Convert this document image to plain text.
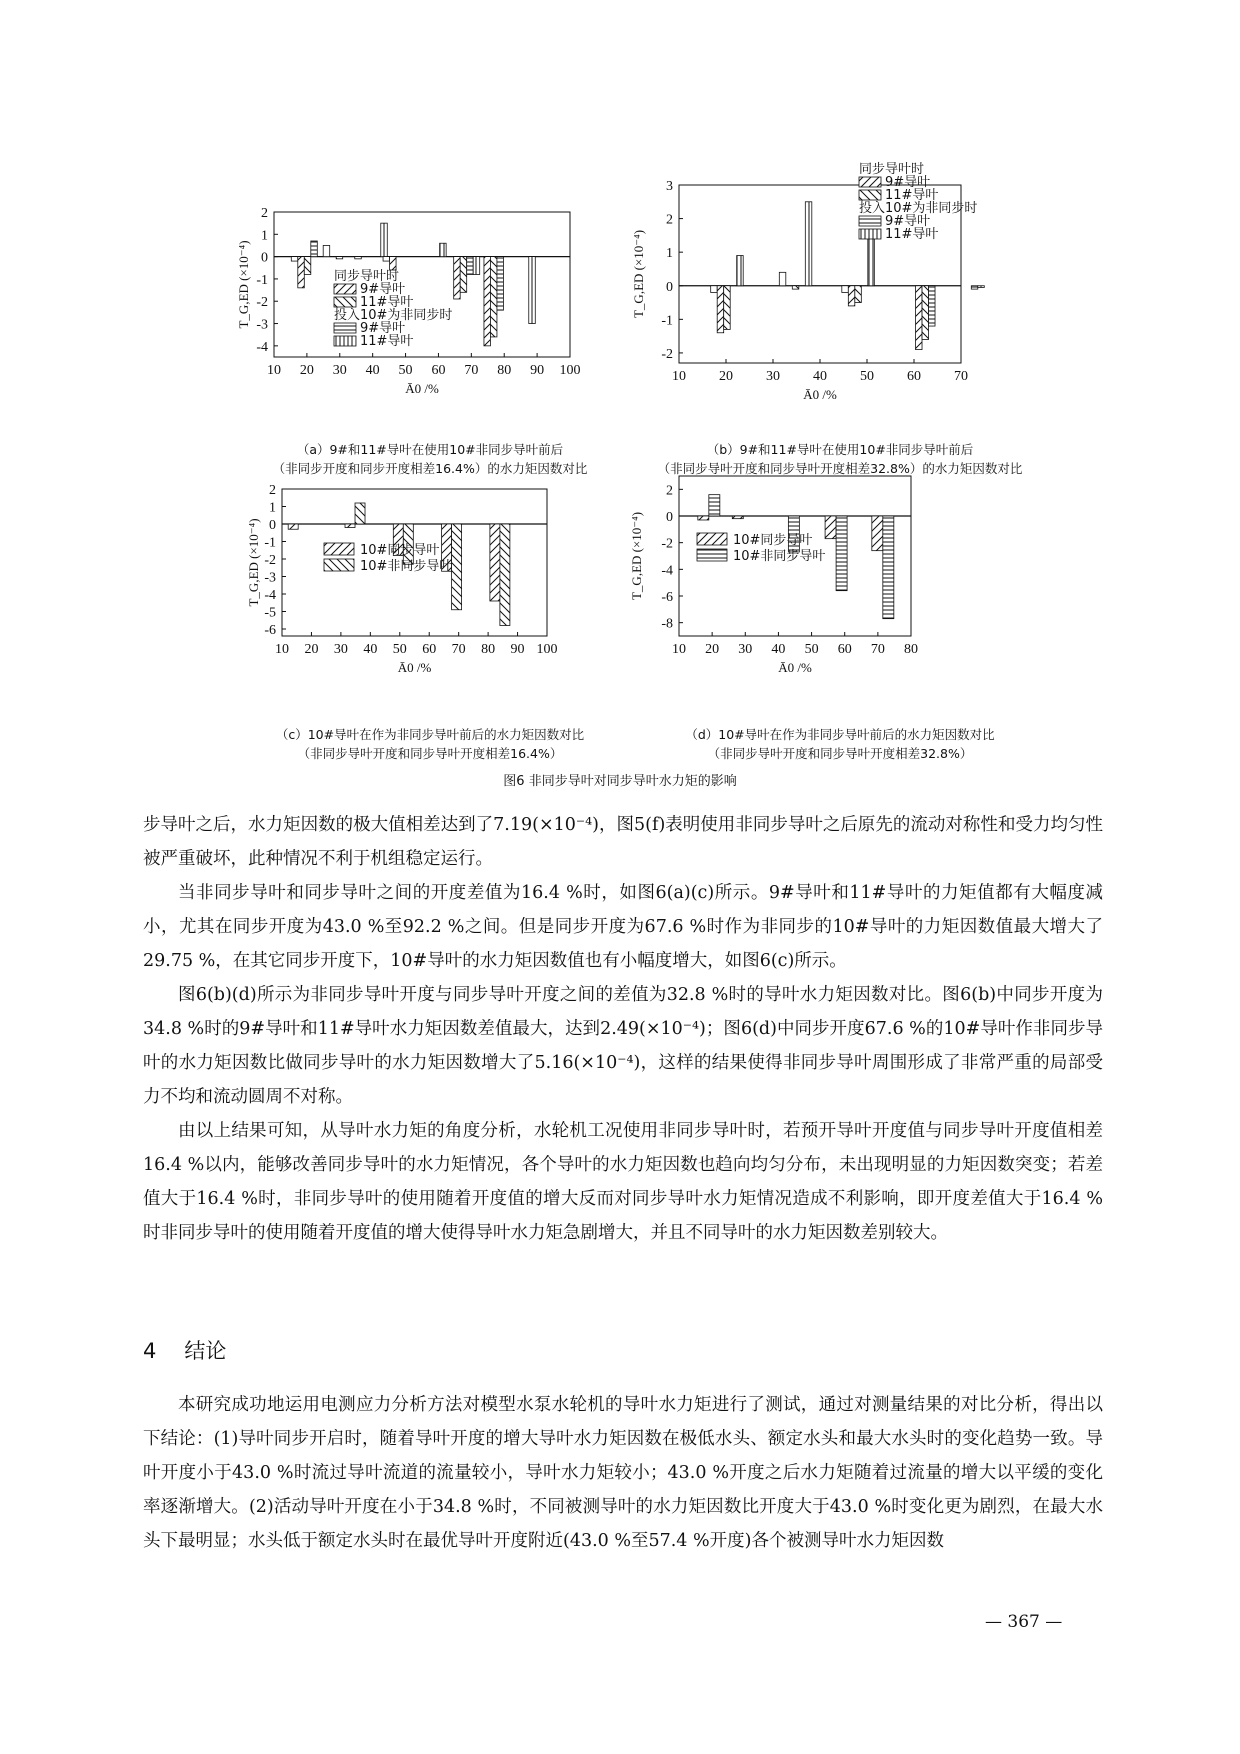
2
1
0
-1
-2
-3
-4
10 20 30 40 50 60 70 80 90 100
Ā0 /%
T_G,ED (×10⁻⁴)	同步导叶时
9#导叶
11#导叶
投入10#为非同步时
9#导叶
11#导叶
（a）9#和11#导叶在使用10#非同步导叶前后
（非同步开度和同步开度相差16.4%）的水力矩因数对比
3
2
1
0
-1
-2
10 20 30 40 50 60 70
Ā0 /%
T_G,ED (×10⁻⁴)
同步导叶时
9#导叶
11#导叶
投入10#为非同步时
9#导叶
11#导叶
（b）9#和11#导叶在使用10#非同步导叶前后
（非同步导叶开度和同步导叶开度相差32.8%）的水力矩因数对比
2
1
0
-1
-2
-3
-4
-5
-6
10 20 30 40 50 60 70 80 90 100
Ā0 /%
T_G,ED (×10⁻⁴)	10#同步导叶
10#非同步导叶
（c）10#导叶在作为非同步导叶前后的水力矩因数对比
（非同步导叶开度和同步导叶开度相差16.4%）
2
0
-2
-4
-6
-8
10 20 30 40 50 60 70 80
Ā0 /%
T_G,ED (×10⁻⁴)	10#同步导叶
10#非同步导叶
（d）10#导叶在作为非同步导叶前后的水力矩因数对比
（非同步导叶开度和同步导叶开度相差32.8%）
图6 非同步导叶对同步导叶水力矩的影响

步导叶之后，水力矩因数的极大值相差达到了7.19(×10⁻⁴)，图5(f)表明使用非同步导叶之后原先的流动对称性和受力均匀性被严重破坏，此种情况不利于机组稳定运行。

当非同步导叶和同步导叶之间的开度差值为16.4 %时，如图6(a)(c)所示。9#导叶和11#导叶的力矩值都有大幅度减小，尤其在同步开度为43.0 %至92.2 %之间。但是同步开度为67.6 %时作为非同步的10#导叶的力矩因数值最大增大了29.75 %，在其它同步开度下，10#导叶的水力矩因数值也有小幅度增大，如图6(c)所示。

图6(b)(d)所示为非同步导叶开度与同步导叶开度之间的差值为32.8 %时的导叶水力矩因数对比。图6(b)中同步开度为34.8 %时的9#导叶和11#导叶水力矩因数差值最大，达到2.49(×10⁻⁴)；图6(d)中同步开度67.6 %的10#导叶作非同步导叶的水力矩因数比做同步导叶的水力矩因数增大了5.16(×10⁻⁴)，这样的结果使得非同步导叶周围形成了非常严重的局部受力不均和流动圆周不对称。

由以上结果可知，从导叶水力矩的角度分析，水轮机工况使用非同步导叶时，若预开导叶开度值与同步导叶开度值相差16.4 %以内，能够改善同步导叶的水力矩情况，各个导叶的水力矩因数也趋向均匀分布，未出现明显的力矩因数突变；若差值大于16.4 %时，非同步导叶的使用随着开度值的增大反而对同步导叶水力矩情况造成不利影响，即开度差值大于16.4 %时非同步导叶的使用随着开度值的增大使得导叶水力矩急剧增大，并且不同导叶的水力矩因数差别较大。

4 结论

本研究成功地运用电测应力分析方法对模型水泵水轮机的导叶水力矩进行了测试，通过对测量结果的对比分析，得出以下结论：(1)导叶同步开启时，随着导叶开度的增大导叶水力矩因数在极低水头、额定水头和最大水头时的变化趋势一致。导叶开度小于43.0 %时流过导叶流道的流量较小，导叶水力矩较小；43.0 %开度之后水力矩随着过流量的增大以平缓的变化率逐渐增大。(2)活动导叶开度在小于34.8 %时，不同被测导叶的水力矩因数比开度大于43.0 %时变化更为剧烈，在最大水头下最明显；水头低于额定水头时在最优导叶开度附近(43.0 %至57.4 %开度)各个被测导叶水力矩因数

— 367 —
